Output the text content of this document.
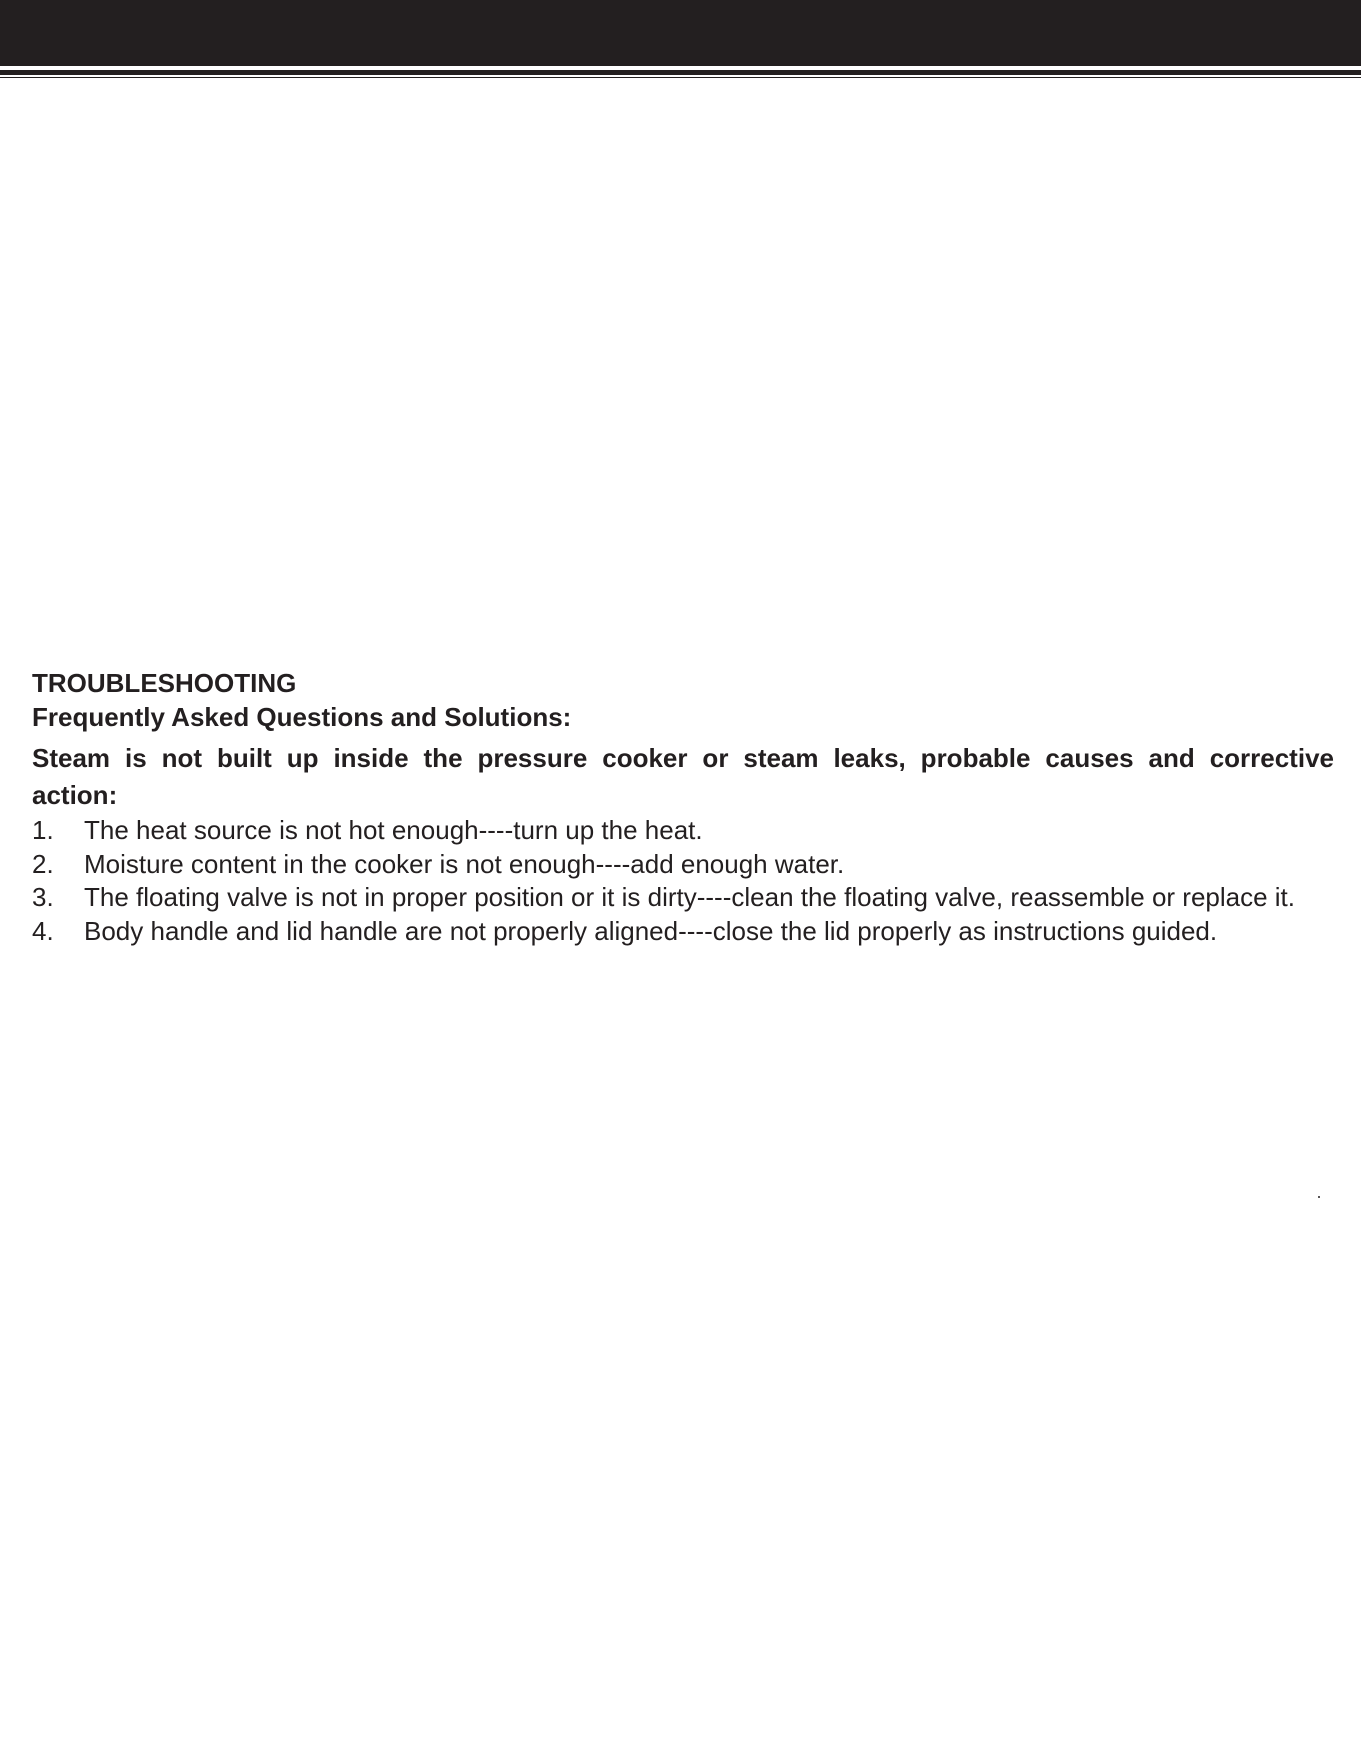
TROUBLESHOOTING
Frequently Asked Questions and Solutions:

Steam is not built up inside the pressure cooker or steam leaks, probable causes and corrective action:

1.	The heat source is not hot enough----turn up the heat.
2.	Moisture content in the cooker is not enough----add enough water.
3.	The floating valve is not in proper position or it is dirty----clean the floating valve, reassemble or replace it.
4.	Body handle and lid handle are not properly aligned----close the lid properly as instructions guided.
